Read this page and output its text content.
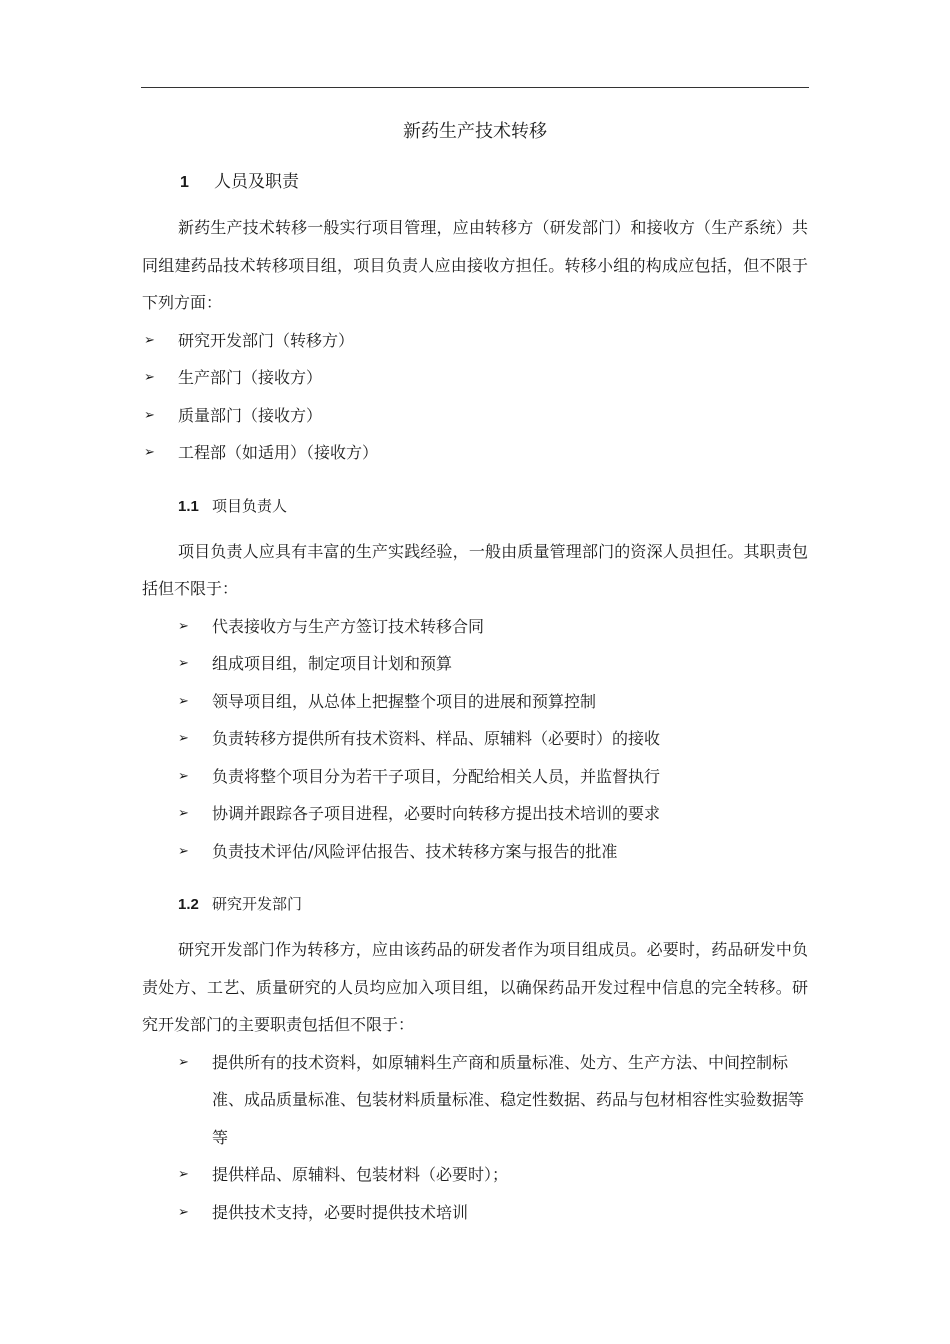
新药生产技术转移

1 人员及职责

新药生产技术转移一般实行项目管理，应由转移方（研发部门）和接收方（生产系统）共同组建药品技术转移项目组，项目负责人应由接收方担任。转移小组的构成应包括，但不限于下列方面：

➢ 研究开发部门（转移方）
➢ 生产部门（接收方）
➢ 质量部门（接收方）
➢ 工程部（如适用）（接收方）

1.1 项目负责人

项目负责人应具有丰富的生产实践经验，一般由质量管理部门的资深人员担任。其职责包括但不限于：

➢ 代表接收方与生产方签订技术转移合同
➢ 组成项目组，制定项目计划和预算
➢ 领导项目组，从总体上把握整个项目的进展和预算控制
➢ 负责转移方提供所有技术资料、样品、原辅料（必要时）的接收
➢ 负责将整个项目分为若干子项目，分配给相关人员，并监督执行
➢ 协调并跟踪各子项目进程，必要时向转移方提出技术培训的要求
➢ 负责技术评估/风险评估报告、技术转移方案与报告的批准

1.2 研究开发部门

研究开发部门作为转移方，应由该药品的研发者作为项目组成员。必要时，药品研发中负责处方、工艺、质量研究的人员均应加入项目组，以确保药品开发过程中信息的完全转移。研究开发部门的主要职责包括但不限于：

➢ 提供所有的技术资料，如原辅料生产商和质量标准、处方、生产方法、中间控制标准、成品质量标准、包装材料质量标准、稳定性数据、药品与包材相容性实验数据等等
➢ 提供样品、原辅料、包装材料（必要时）；
➢ 提供技术支持，必要时提供技术培训
